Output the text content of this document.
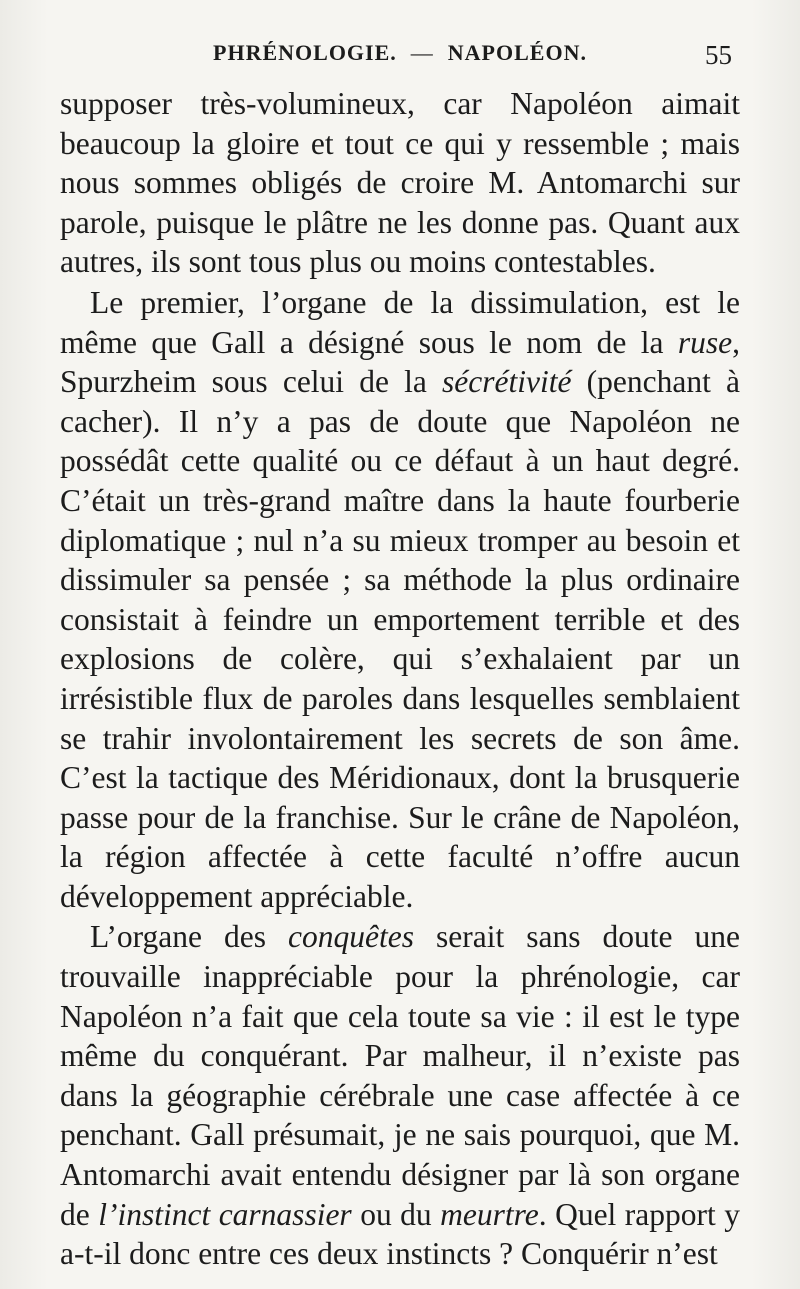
PHRÉNOLOGIE. — NAPOLÉON.	55

supposer très-volumineux, car Napoléon aimait beaucoup la gloire et tout ce qui y ressemble ; mais nous sommes obligés de croire M. Antomarchi sur parole, puisque le plâtre ne les donne pas. Quant aux autres, ils sont tous plus ou moins contestables.

Le premier, l’organe de la dissimulation, est le même que Gall a désigné sous le nom de la ruse, Spurzheim sous celui de la sécrétivité (penchant à cacher). Il n’y a pas de doute que Napoléon ne possédât cette qualité ou ce défaut à un haut degré. C’était un très-grand maître dans la haute fourberie diplomatique ; nul n’a su mieux tromper au besoin et dissimuler sa pensée ; sa méthode la plus ordinaire consistait à feindre un emportement terrible et des explosions de colère, qui s’exhalaient par un irrésistible flux de paroles dans lesquelles semblaient se trahir involontairement les secrets de son âme. C’est la tactique des Méridionaux, dont la brusquerie passe pour de la franchise. Sur le crâne de Napoléon, la région affectée à cette faculté n’offre aucun développement appréciable.

L’organe des conquêtes serait sans doute une trouvaille inappréciable pour la phrénologie, car Napoléon n’a fait que cela toute sa vie : il est le type même du conquérant. Par malheur, il n’existe pas dans la géographie cérébrale une case affectée à ce penchant. Gall présumait, je ne sais pourquoi, que M. Antomarchi avait entendu désigner par là son organe de l’instinct carnassier ou du meurtre. Quel rapport y a-t-il donc entre ces deux instincts ? Conquérir n’est
